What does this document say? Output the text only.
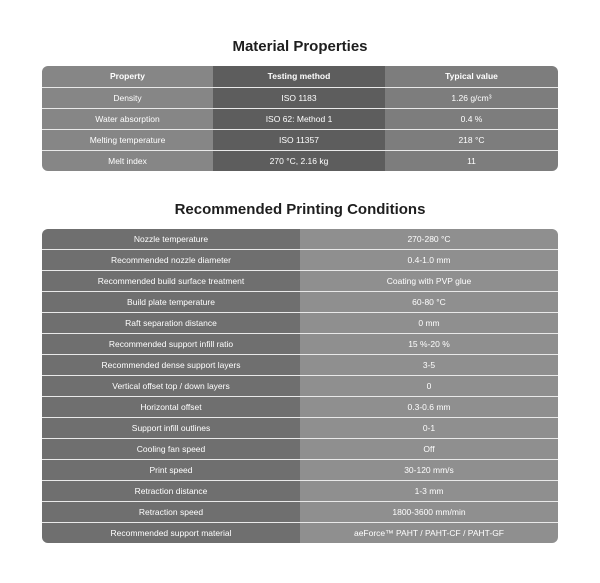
Material Properties
Property	Testing method	Typical value
Density	ISO 1183	1.26 g/cm³
Water absorption	ISO 62: Method 1	0.4 %
Melting temperature	ISO 11357	218 °C
Melt index	270 °C, 2.16 kg	11
Recommended Printing Conditions
Nozzle temperature	270-280 °C
Recommended nozzle diameter	0.4-1.0 mm
Recommended build surface treatment	Coating with PVP glue
Build plate temperature	60-80 °C
Raft separation distance	0 mm
Recommended support infill ratio	15 %-20 %
Recommended dense support layers	3-5
Vertical offset top / down layers	0
Horizontal offset	0.3-0.6 mm
Support infill outlines	0-1
Cooling fan speed	Off
Print speed	30-120 mm/s
Retraction distance	1-3 mm
Retraction speed	1800-3600 mm/min
Recommended support material	aeForce™ PAHT / PAHT-CF / PAHT-GF
